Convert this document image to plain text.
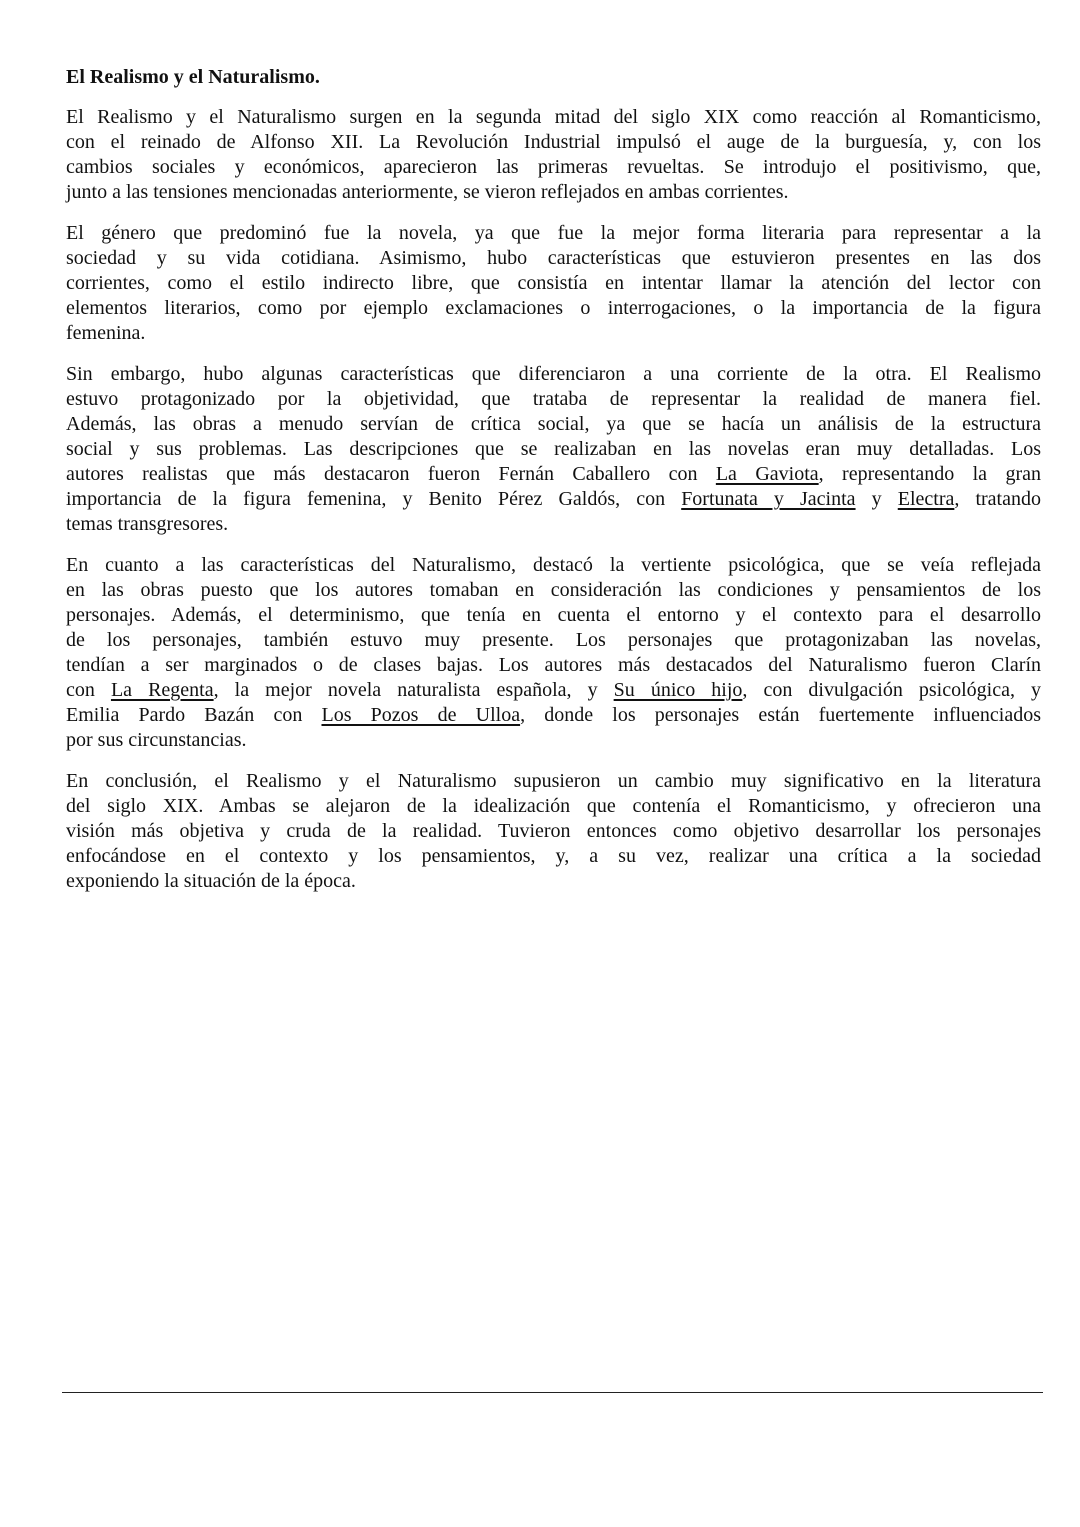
El Realismo y el Naturalismo.
El Realismo y el Naturalismo surgen en la segunda mitad del siglo XIX como reacción al Romanticismo,
con el reinado de Alfonso XII. La Revolución Industrial impulsó el auge de la burguesía, y, con los
cambios sociales y económicos, aparecieron las primeras revueltas. Se introdujo el positivismo, que,
junto a las tensiones mencionadas anteriormente, se vieron reflejados en ambas corrientes.
El género que predominó fue la novela, ya que fue la mejor forma literaria para representar a la
sociedad y su vida cotidiana. Asimismo, hubo características que estuvieron presentes en las dos
corrientes, como el estilo indirecto libre, que consistía en intentar llamar la atención del lector con
elementos literarios, como por ejemplo exclamaciones o interrogaciones, o la importancia de la figura
femenina.
Sin embargo, hubo algunas características que diferenciaron a una corriente de la otra. El Realismo
estuvo protagonizado por la objetividad, que trataba de representar la realidad de manera fiel.
Además, las obras a menudo servían de crítica social, ya que se hacía un análisis de la estructura
social y sus problemas. Las descripciones que se realizaban en las novelas eran muy detalladas. Los
autores realistas que más destacaron fueron Fernán Caballero con La Gaviota, representando la gran
importancia de la figura femenina, y Benito Pérez Galdós, con Fortunata y Jacinta y Electra, tratando
temas transgresores.
En cuanto a las características del Naturalismo, destacó la vertiente psicológica, que se veía reflejada
en las obras puesto que los autores tomaban en consideración las condiciones y pensamientos de los
personajes. Además, el determinismo, que tenía en cuenta el entorno y el contexto para el desarrollo
de los personajes, también estuvo muy presente. Los personajes que protagonizaban las novelas,
tendían a ser marginados o de clases bajas. Los autores más destacados del Naturalismo fueron Clarín
con La Regenta, la mejor novela naturalista española, y Su único hijo, con divulgación psicológica, y
Emilia Pardo Bazán con Los Pozos de Ulloa, donde los personajes están fuertemente influenciados
por sus circunstancias.
En conclusión, el Realismo y el Naturalismo supusieron un cambio muy significativo en la literatura
del siglo XIX. Ambas se alejaron de la idealización que contenía el Romanticismo, y ofrecieron una
visión más objetiva y cruda de la realidad. Tuvieron entonces como objetivo desarrollar los personajes
enfocándose en el contexto y los pensamientos, y, a su vez, realizar una crítica a la sociedad
exponiendo la situación de la época.
